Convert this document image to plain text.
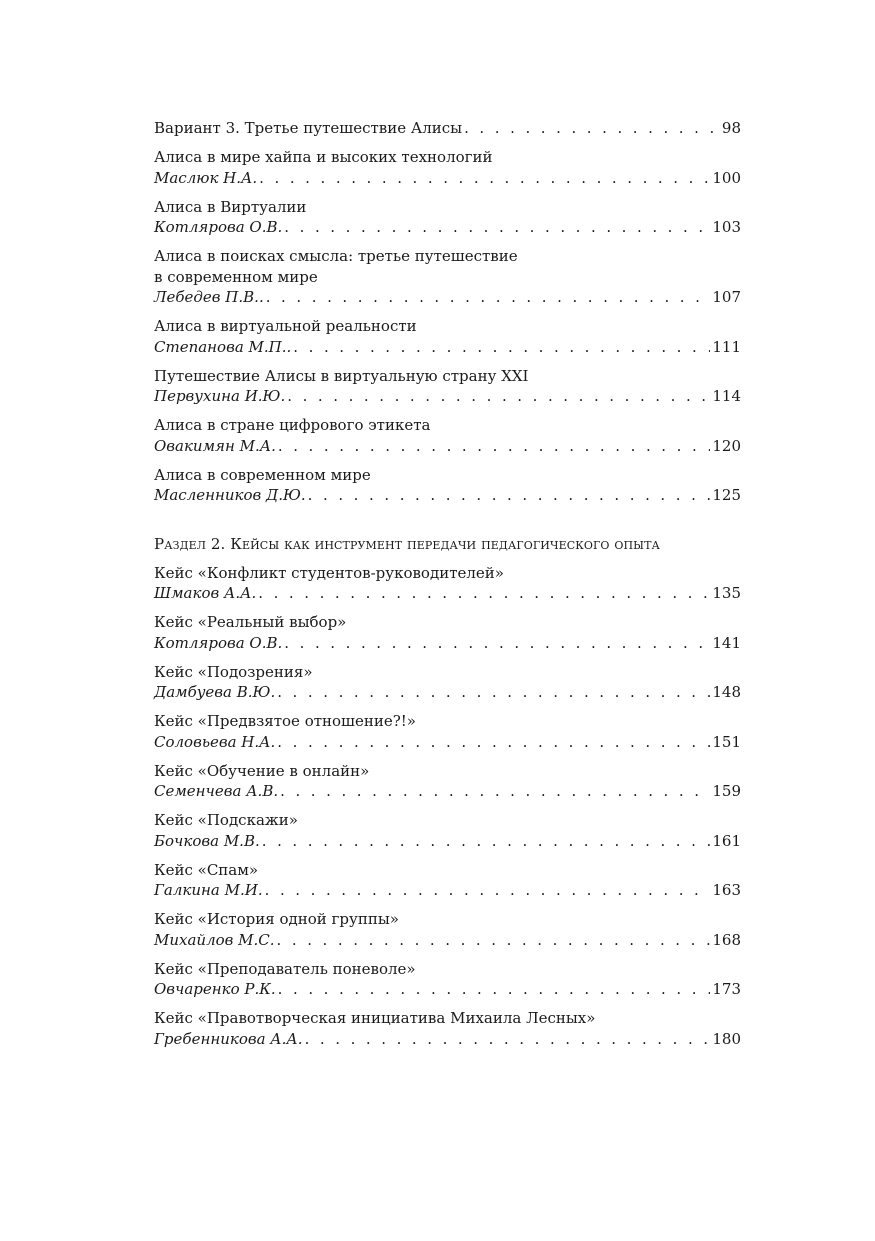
Вариант 3. Третье путешествие Алисы . . .	98
Алиса в мире хайпа и высоких технологий
Маслюк Н.А. . . .	100
Алиса в Виртуалии
Котлярова О.В. . . .	103
Алиса в поисках смысла: третье путешествие
в современном мире
Лебедев П.В.. . . .	107
Алиса в виртуальной реальности
Степанова М.П.. . . .	111
Путешествие Алисы в виртуальную страну XXI
Первухина И.Ю. . . .	114
Алиса в стране цифрового этикета
Овакимян М.А. . . .	120
Алиса в современном мире
Масленников Д.Ю. . . .	125
Раздел 2. Кейсы как инструмент передачи педагогического опыта
Кейс «Конфликт студентов-руководителей»
Шмаков А.А. . . .	135
Кейс «Реальный выбор»
Котлярова О.В. . . .	141
Кейс «Подозрения»
Дамбуева В.Ю. . . .	148
Кейс «Предвзятое отношение?!»
Соловьева Н.А. . . .	151
Кейс «Обучение в онлайн»
Семенчева А.В. . . .	159
Кейс «Подскажи»
Бочкова М.В. . . .	161
Кейс «Спам»
Галкина М.И. . . .	163
Кейс «История одной группы»
Михайлов М.С. . . .	168
Кейс «Преподаватель поневоле»
Овчаренко Р.К. . . .	173
Кейс «Правотворческая инициатива Михаила Лесных»
Гребенникова А.А. . . .	180
